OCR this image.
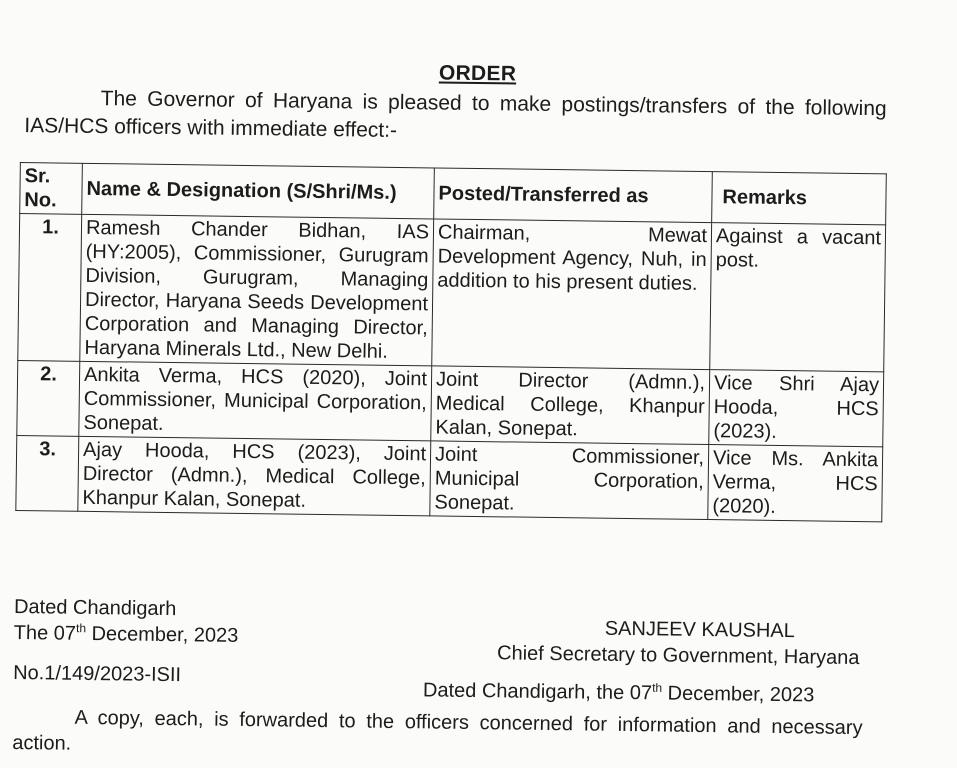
ORDER
The Governor of Haryana is pleased to make postings/transfers of the following IAS/HCS officers with immediate effect:-
Sr. No.	Name & Designation (S/Shri/Ms.)	Posted/Transferred as	Remarks
1.	Ramesh Chander Bidhan, IAS (HY:2005), Commissioner, Gurugram Division, Gurugram, Managing Director, Haryana Seeds Development Corporation and Managing Director, Haryana Minerals Ltd., New Delhi.	Chairman, Mewat Development Agency, Nuh, in addition to his present duties.	Against a vacant post.
2.	Ankita Verma, HCS (2020), Joint Commissioner, Municipal Corporation, Sonepat.	Joint Director (Admn.), Medical College, Khanpur Kalan, Sonepat.	Vice Shri Ajay Hooda, HCS (2023).
3.	Ajay Hooda, HCS (2023), Joint Director (Admn.), Medical College, Khanpur Kalan, Sonepat.	Joint Commissioner, Municipal Corporation, Sonepat.	Vice Ms. Ankita Verma, HCS (2020).
Dated Chandigarh
The 07th December, 2023	SANJEEV KAUSHAL
Chief Secretary to Government, Haryana
No.1/149/2023-ISII
Dated Chandigarh, the 07th December, 2023
A copy, each, is forwarded to the officers concerned for information and necessary action.
